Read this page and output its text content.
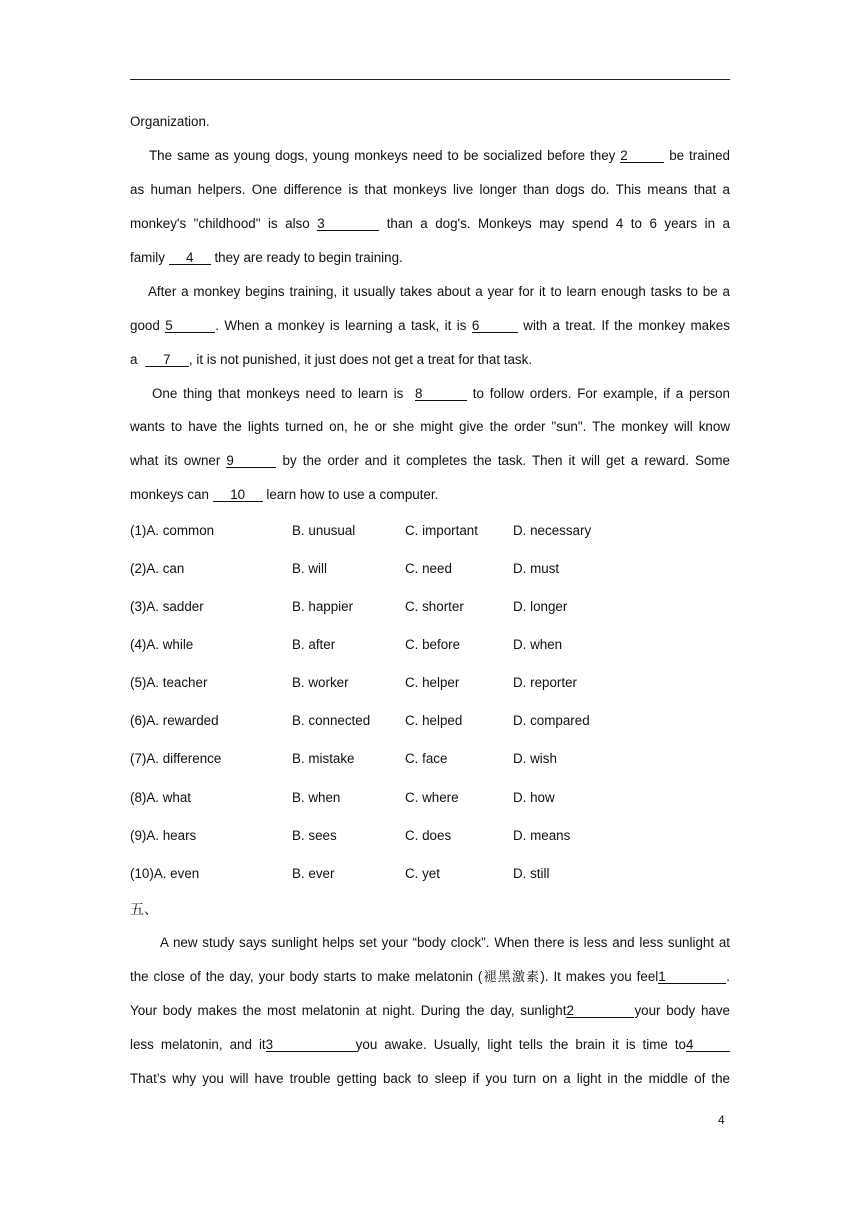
Organization.
The same as young dogs, young monkeys need to be socialized before they 2	be trained
as human helpers. One difference is that monkeys live longer than dogs do. This means that a
monkey's "childhood" is also 3	than a dog's. Monkeys may spend 4 to 6 years in a
family 4 they are ready to begin training.
After a monkey begins training, it usually takes about a year for it to learn enough tasks to be a
good 5	. When a monkey is learning a task, it is 6	with a treat. If the monkey makes
a 7 , it is not punished, it just does not get a treat for that task.
One thing that monkeys need to learn is 8	to follow orders. For example, if a person
wants to have the lights turned on, he or she might give the order "sun". The monkey will know
what its owner 9	by the order and it completes the task. Then it will get a reward. Some
monkeys can 10 learn how to use a computer.
(1)A. common	B. unusual	C. important	D. necessary
(2)A. can	B. will	C. need	D. must
(3)A. sadder	B. happier	C. shorter	D. longer
(4)A. while	B. after	C. before	D. when
(5)A. teacher	B. worker	C. helper	D. reporter
(6)A. rewarded	B. connected	C. helped	D. compared
(7)A. difference	B. mistake	C. face	D. wish
(8)A. what	B. when	C. where	D. how
(9)A. hears	B. sees	C. does	D. means
(10)A. even	B. ever	C. yet	D. still
五、
A new study says sunlight helps set your “body clock”. When there is less and less sunlight at
the close of the day, your body starts to make melatonin (褪黑激素). It makes you feel1	.
Your body makes the most melatonin at night. During the day, sunlight2	your body have
less melatonin, and it3	you awake. Usually, light tells the brain it is time to4
That’s why you will have trouble getting back to sleep if you turn on a light in the middle of the
4
